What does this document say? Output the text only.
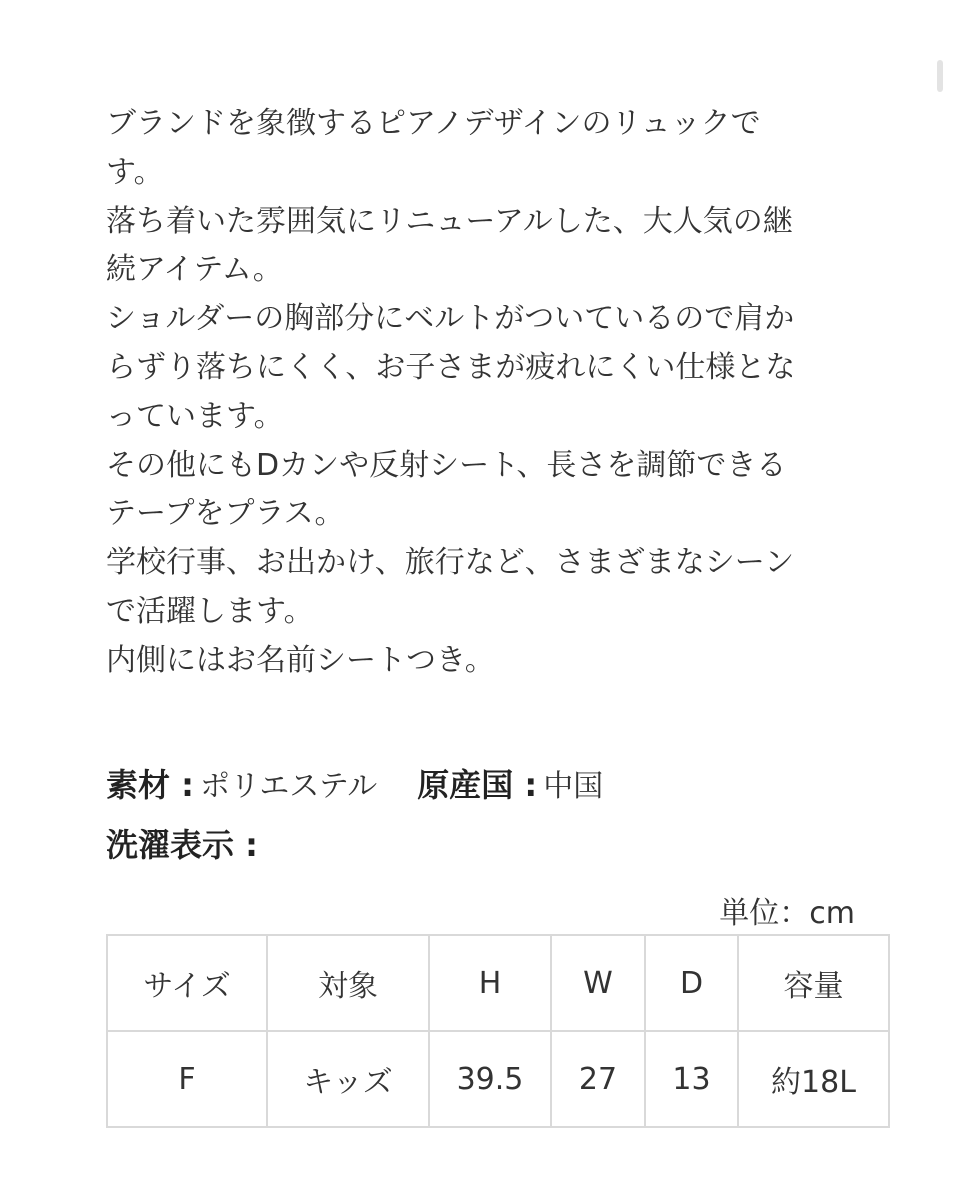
ブランドを象徴するピアノデザインのリュックで

す。

落ち着いた雰囲気にリニューアルした、大人気の継

続アイテム。

ショルダーの胸部分にベルトがついているので肩か

らずり落ちにくく、お子さまが疲れにくい仕様とな

っています。

その他にもDカンや反射シート、長さを調節できる

テープをプラス。

学校行事、お出かけ、旅行など、さまざまなシーン

で活躍します。

内側にはお名前シートつき。

素材 : ポリエステル 原産国 : 中国
洗濯表示 :
単位：cm
サイズ	対象	H	W	D	容量
F	キッズ	39.5	27	13	約18L
